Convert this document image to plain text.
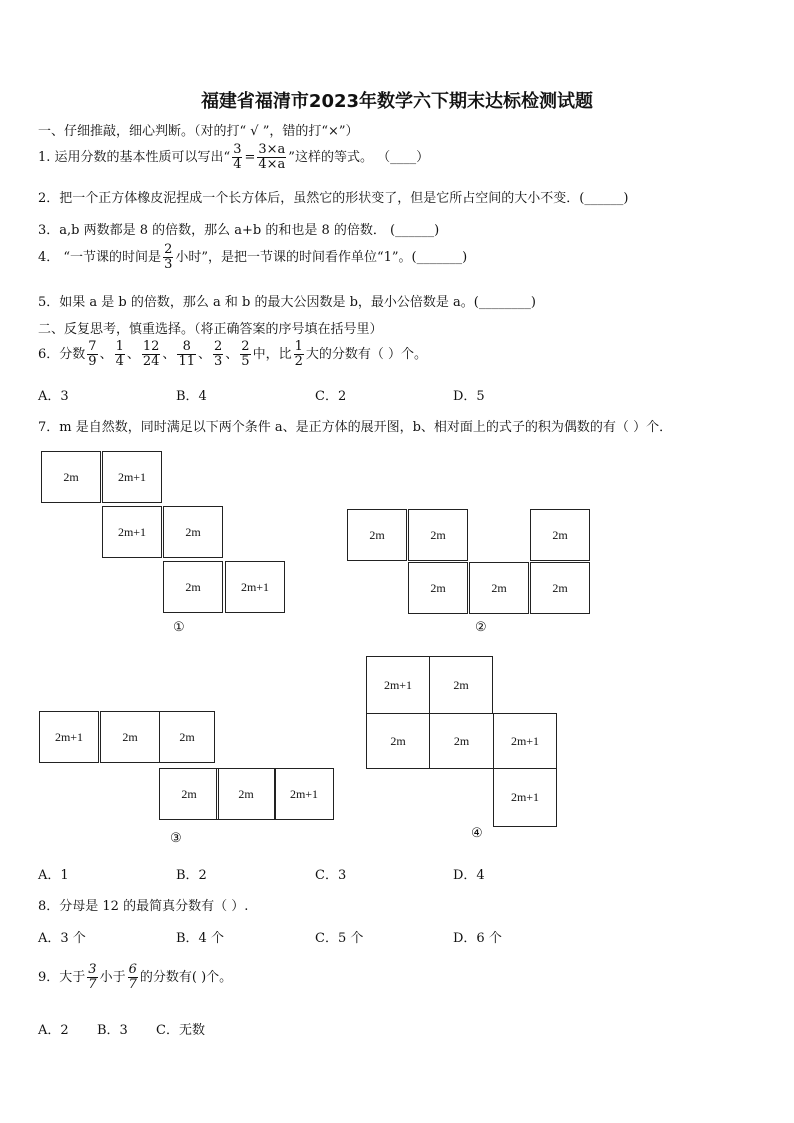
福建省福清市2023年数学六下期末达标检测试题
一、仔细推敲，细心判断。（对的打“ √ ”，错的打“×”）
1. 运用分数的基本性质可以写出“ $\frac{3}{4} = \frac{3\times a}{4\times a}$ ”这样的等式。 （____）
2．把一个正方体橡皮泥捏成一个长方体后，虽然它的形状变了，但是它所占空间的大小不变．(______)
3．a,b 两数都是 8 的倍数，那么 a+b 的和也是 8 的倍数． (______)
4． “一节课的时间是 $\frac{2}{3}$ 小时”，是把一节课的时间看作单位“1”。(_______)
5．如果 a 是 b 的倍数，那么 a 和 b 的最大公因数是 b，最小公倍数是 a。(________)
二、反复思考，慎重选择。（将正确答案的序号填在括号里）
6．分数 $\frac{7}{9}$ 、 $\frac{1}{4}$ 、 $\frac{12}{24}$ 、 $\frac{8}{11}$ 、 $\frac{2}{3}$ 、 $\frac{2}{5}$ 中，比 $\frac{1}{2}$ 大的分数有（ ）个。
A．3	B．4	C．2	D．5
7．m 是自然数，同时满足以下两个条件 a、是正方体的展开图，b、相对面上的式子的积为偶数的有（ ）个．
2m	2m+1
2m+1	2m
2m	2m+1
①
2m	2m	2m
2m	2m	2m
②
2m+1	2m	2m
2m	2m	2m+1
③
2m+1	2m
2m	2m	2m+1
2m+1
④
A．1	B．2	C．3	D．4
8．分母是 12 的最简真分数有（ ）.
A．3 个	B．4 个	C．5 个	D．6 个
9．大于 $\frac{3}{7}$ 小于 $\frac{6}{7}$ 的分数有( )个。
A．2 B．3 C．无数
